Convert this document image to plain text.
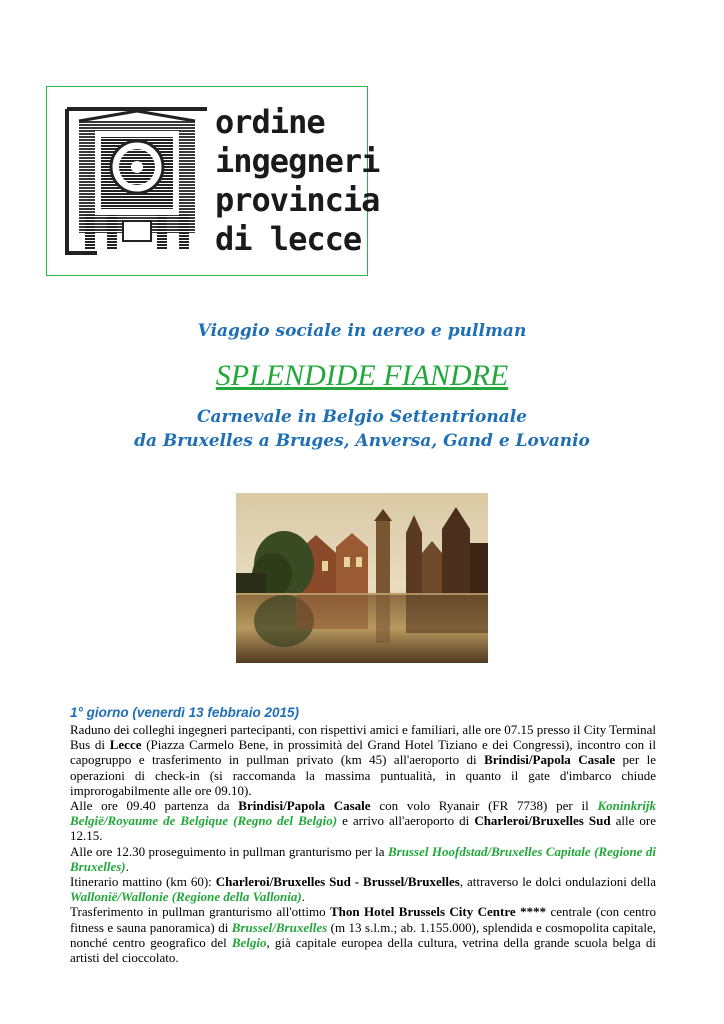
ordine
ingegneri
provincia
di lecce
Viaggio sociale in aereo e pullman
SPLENDIDE FIANDRE
Carnevale in Belgio Settentrionale
da Bruxelles a Bruges, Anversa, Gand e Lovanio
1° giorno (venerdì 13 febbraio 2015)

Raduno dei colleghi ingegneri partecipanti, con rispettivi amici e familiari, alle ore 07.15 presso il City Terminal Bus di Lecce (Piazza Carmelo Bene, in prossimità del Grand Hotel Tiziano e dei Congressi), incontro con il capogruppo e trasferimento in pullman privato (km 45) all'aeroporto di Brindisi/Papola Casale per le operazioni di check-in (si raccomanda la massima puntualità, in quanto il gate d'imbarco chiude improrogabilmente alle ore 09.10).

Alle ore 09.40 partenza da Brindisi/Papola Casale con volo Ryanair (FR 7738) per il Koninkrijk België/Royaume de Belgique (Regno del Belgio) e arrivo all'aeroporto di Charleroi/Bruxelles Sud alle ore 12.15.

Alle ore 12.30 proseguimento in pullman granturismo per la Brussel Hoofdstad/Bruxelles Capitale (Regione di Bruxelles).

Itinerario mattino (km 60): Charleroi/Bruxelles Sud - Brussel/Bruxelles, attraverso le dolci ondulazioni della Wallonië/Wallonie (Regione della Vallonia).

Trasferimento in pullman granturismo all'ottimo Thon Hotel Brussels City Centre **** centrale (con centro fitness e sauna panoramica) di Brussel/Bruxelles (m 13 s.l.m.; ab. 1.155.000), splendida e cosmopolita capitale, nonché centro geografico del Belgio, già capitale europea della cultura, vetrina della grande scuola belga di artisti del cioccolato.
